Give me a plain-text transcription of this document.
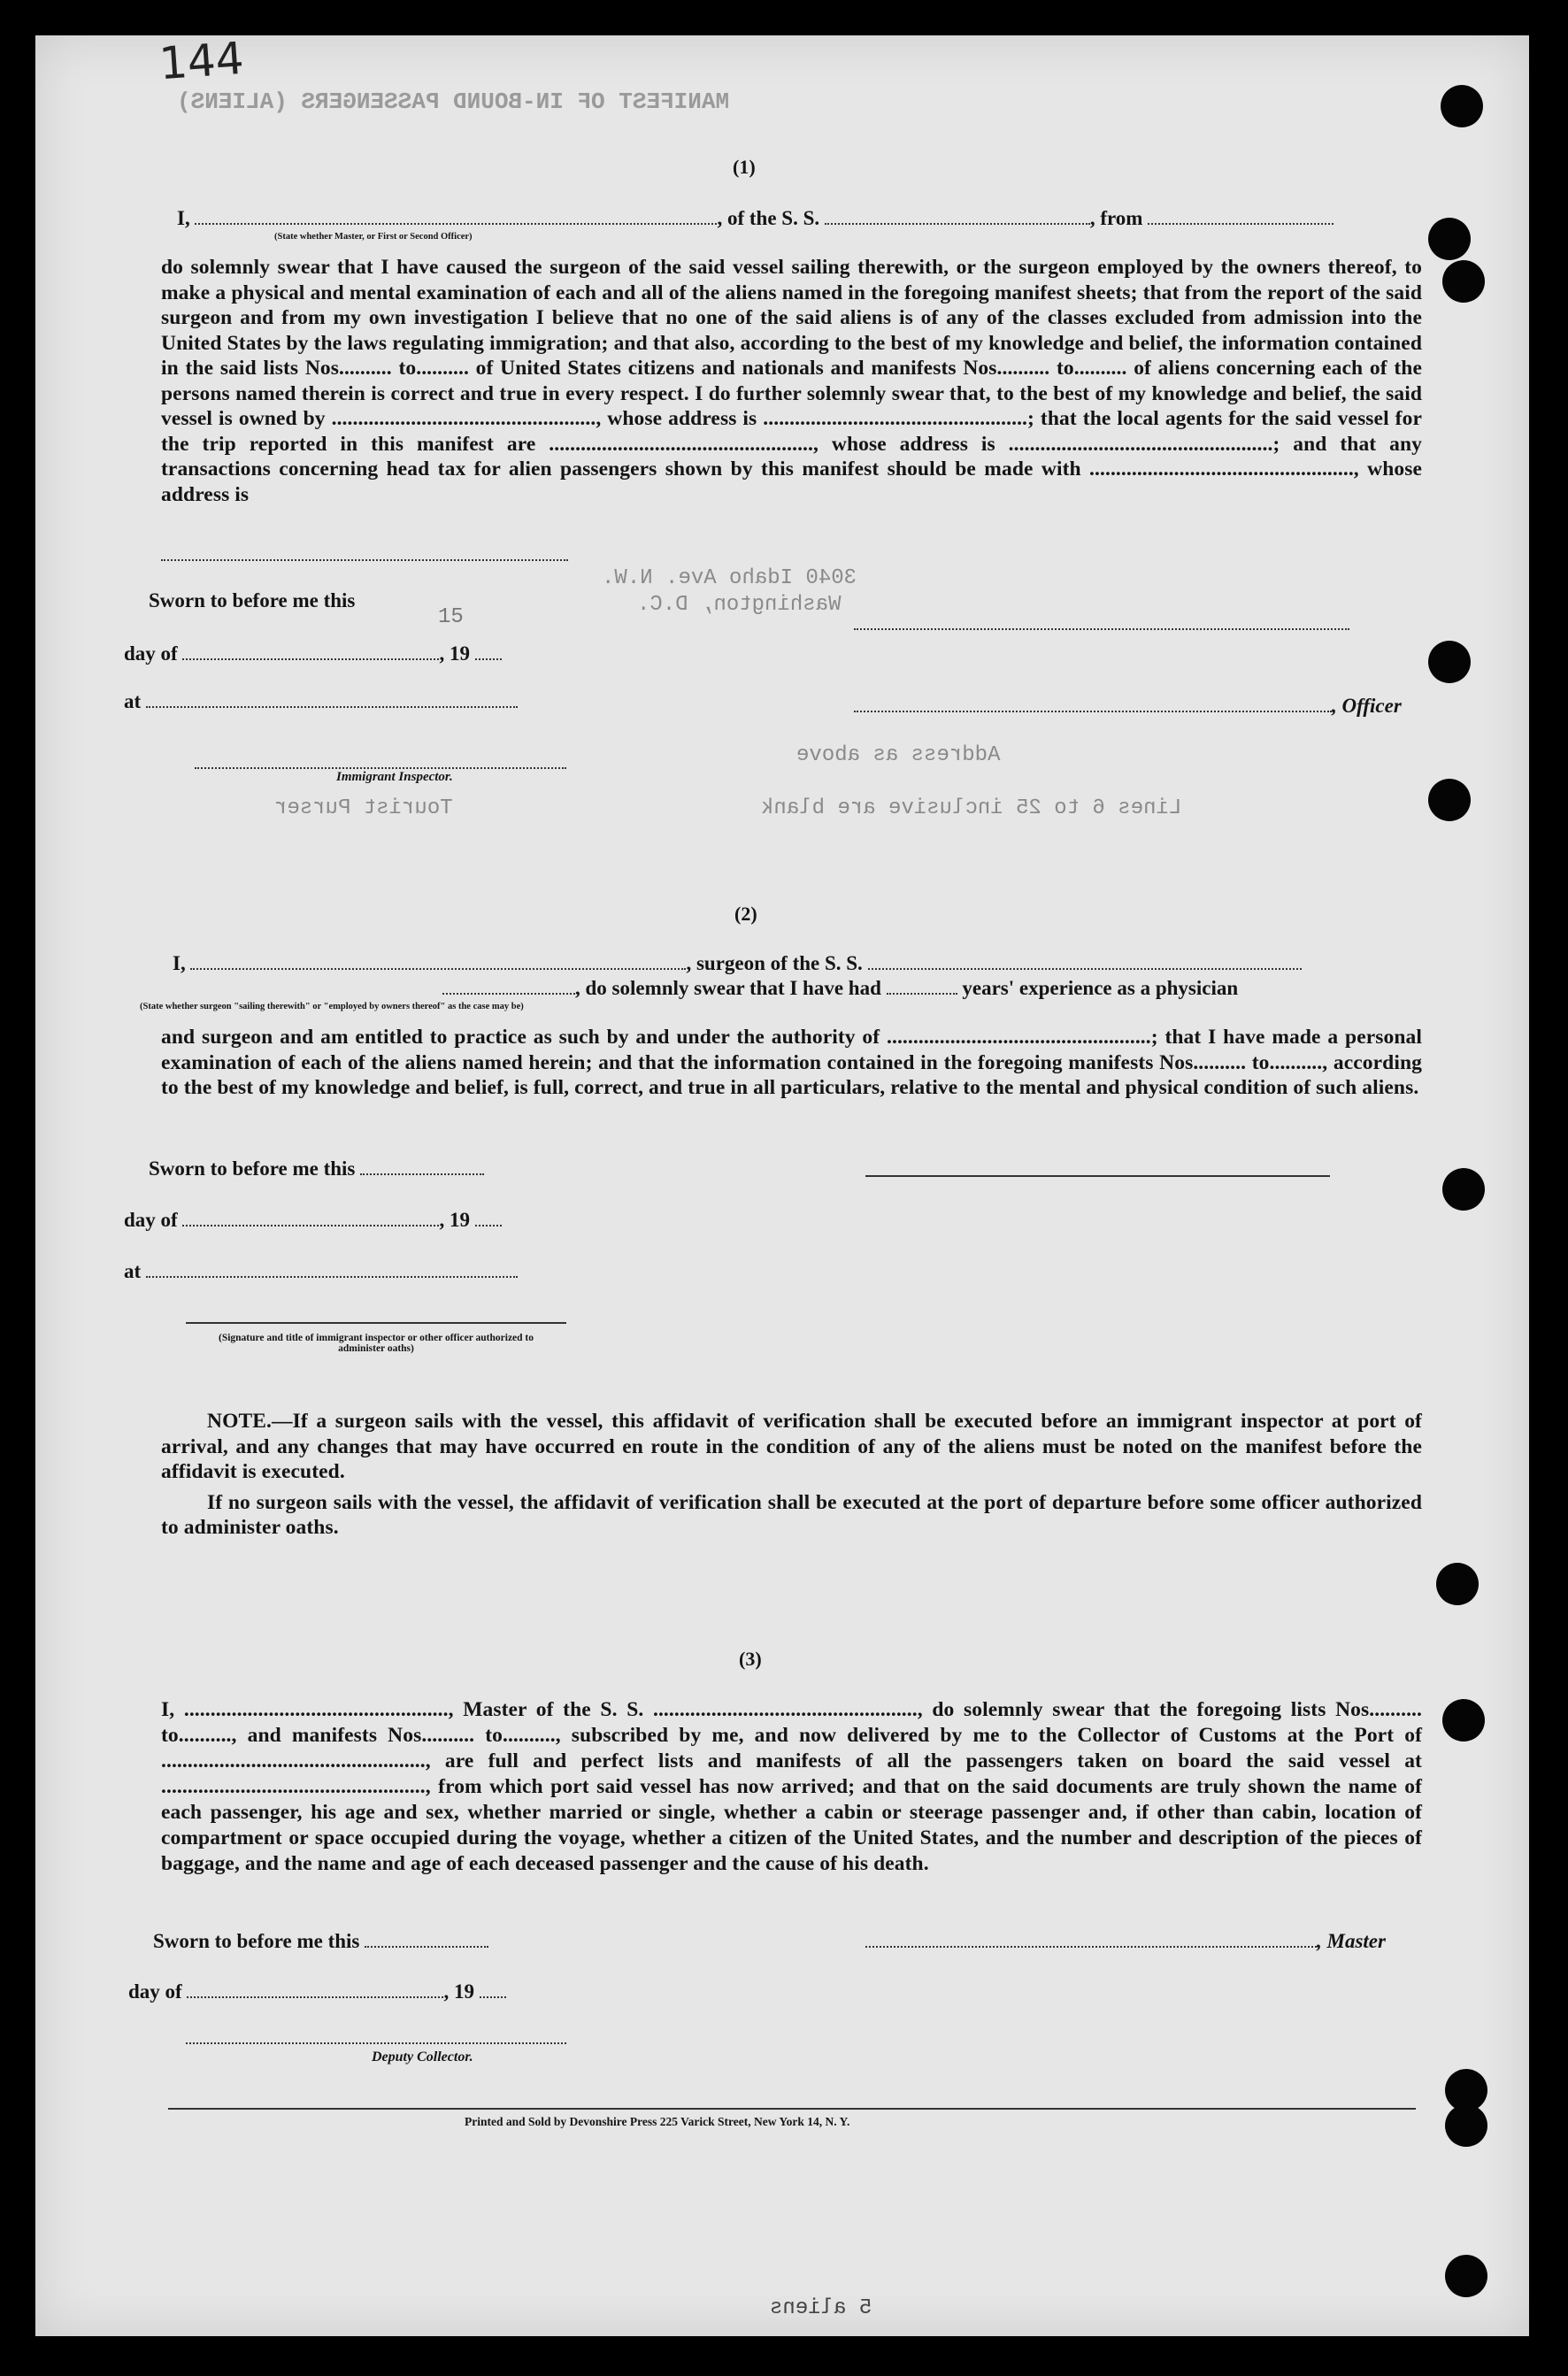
144
MANIFEST OF IN-BOUND PASSENGERS (ALIENS)
3040 Idaho Ave. N.W.
Washington, D.C.
Address as above
Lines 6 to 25 inclusive are blank
Tourist Purser
5 aliens
(1)
I,	, of the S. S.	, from
(State whether Master, or First or Second Officer)

do solemnly swear that I have caused the surgeon of the said vessel sailing therewith, or the surgeon employed by the owners thereof, to make a physical and mental examination of each and all of the aliens named in the foregoing manifest sheets; that from the report of the said surgeon and from my own investigation I believe that no one of the said aliens is of any of the classes excluded from admission into the United States by the laws regulating immigration; and that also, according to the best of my knowledge and belief, the information contained in the said lists Nos.......... to.......... of United States citizens and nationals and manifests Nos.......... to.......... of aliens concerning each of the persons named therein is correct and true in every respect. I do further solemnly swear that, to the best of my knowledge and belief, the said vessel is owned by .................................................., whose address is ..................................................; that the local agents for the said vessel for the trip reported in this manifest are .................................................., whose address is ..................................................; and that any transactions concerning head tax for alien passengers shown by this manifest should be made with .................................................., whose address is

Sworn to before me this
15
day of	, 19
at	, Officer
Immigrant Inspector.
(2)
I,	, surgeon of the S. S.
, do solemnly swear that I have had	years' experience as a physician
(State whether surgeon "sailing therewith" or "employed by owners thereof" as the case may be)

and surgeon and am entitled to practice as such by and under the authority of ..................................................; that I have made a personal examination of each of the aliens named herein; and that the information contained in the foregoing manifests Nos.......... to.........., according to the best of my knowledge and belief, is full, correct, and true in all particulars, relative to the mental and physical condition of such aliens.

Sworn to before me this
day of	, 19
at
(Signature and title of immigrant inspector or other officer authorized to administer oaths)

NOTE.—If a surgeon sails with the vessel, this affidavit of verification shall be executed before an immigrant inspector at port of arrival, and any changes that may have occurred en route in the condition of any of the aliens must be noted on the manifest before the affidavit is executed.

If no surgeon sails with the vessel, the affidavit of verification shall be executed at the port of departure before some officer authorized to administer oaths.

(3)

I, .................................................., Master of the S. S. .................................................., do solemnly swear that the foregoing lists Nos.......... to.........., and manifests Nos.......... to.........., subscribed by me, and now delivered by me to the Collector of Customs at the Port of .................................................., are full and perfect lists and manifests of all the passengers taken on board the said vessel at .................................................., from which port said vessel has now arrived; and that on the said documents are truly shown the name of each passenger, his age and sex, whether married or single, whether a cabin or steerage passenger and, if other than cabin, location of compartment or space occupied during the voyage, whether a citizen of the United States, and the number and description of the pieces of baggage, and the name and age of each deceased passenger and the cause of his death.

Sworn to before me this	, Master
day of	, 19
Deputy Collector.
Printed and Sold by Devonshire Press 225 Varick Street, New York 14, N. Y.
